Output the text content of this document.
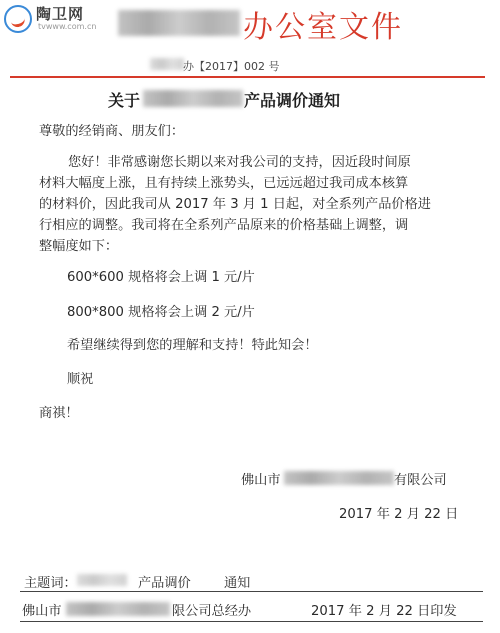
陶卫网
tvwww.com.cn	办公室文件
办【2017】002 号
关于	产品调价通知
尊敬的经销商、朋友们：
您好！非常感谢您长期以来对我公司的支持，因近段时间原
材料大幅度上涨，且有持续上涨势头，已远远超过我司成本核算
的材料价，因此我司从 2017 年 3 月 1 日起，对全系列产品价格进
行相应的调整。我司将在全系列产品原来的价格基础上调整，调
整幅度如下：
600*600 规格将会上调 1 元/片
800*800 规格将会上调 2 元/片
希望继续得到您的理解和支持！特此知会！
顺祝
商祺！
佛山市	有限公司
2017 年 2 月 22 日
主题词：	产品调价	通知
佛山市	限公司总经办	2017 年 2 月 22 日印发
